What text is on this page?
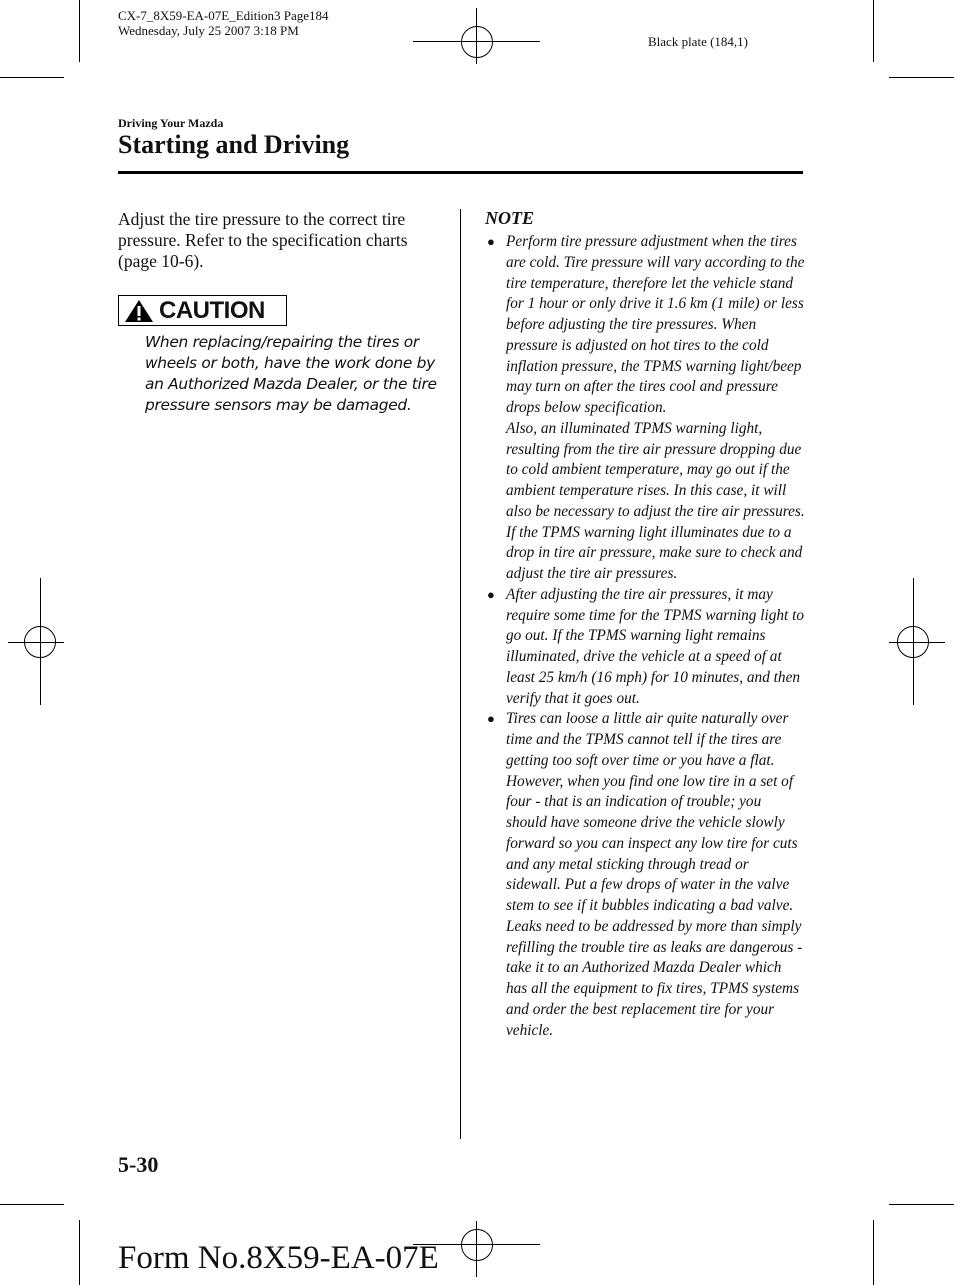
CX-7_8X59-EA-07E_Edition3 Page184
Wednesday, July 25 2007 3:18 PM
Black plate (184,1)
Driving Your Mazda
Starting and Driving
Adjust the tire pressure to the correct tire pressure. Refer to the specification charts (page 10-6).
CAUTION
When replacing/repairing the tires or wheels or both, have the work done by an Authorized Mazda Dealer, or the tire pressure sensors may be damaged.
NOTE
● Perform tire pressure adjustment when the tires are cold. Tire pressure will vary according to the tire temperature, therefore let the vehicle stand for 1 hour or only drive it 1.6 km (1 mile) or less before adjusting the tire pressures. When pressure is adjusted on hot tires to the cold inflation pressure, the TPMS warning light/beep may turn on after the tires cool and pressure drops below specification.

Also, an illuminated TPMS warning light, resulting from the tire air pressure dropping due to cold ambient temperature, may go out if the ambient temperature rises. In this case, it will also be necessary to adjust the tire air pressures. If the TPMS warning light illuminates due to a drop in tire air pressure, make sure to check and adjust the tire air pressures.

● After adjusting the tire air pressures, it may require some time for the TPMS warning light to go out. If the TPMS warning light remains illuminated, drive the vehicle at a speed of at least 25 km/h (16 mph) for 10 minutes, and then verify that it goes out.

● Tires can loose a little air quite naturally over time and the TPMS cannot tell if the tires are getting too soft over time or you have a flat. However, when you find one low tire in a set of four - that is an indication of trouble; you should have someone drive the vehicle slowly forward so you can inspect any low tire for cuts and any metal sticking through tread or sidewall. Put a few drops of water in the valve stem to see if it bubbles indicating a bad valve. Leaks need to be addressed by more than simply refilling the trouble tire as leaks are dangerous - take it to an Authorized Mazda Dealer which has all the equipment to fix tires, TPMS systems and order the best replacement tire for your vehicle.

5-30
Form No.8X59-EA-07E
